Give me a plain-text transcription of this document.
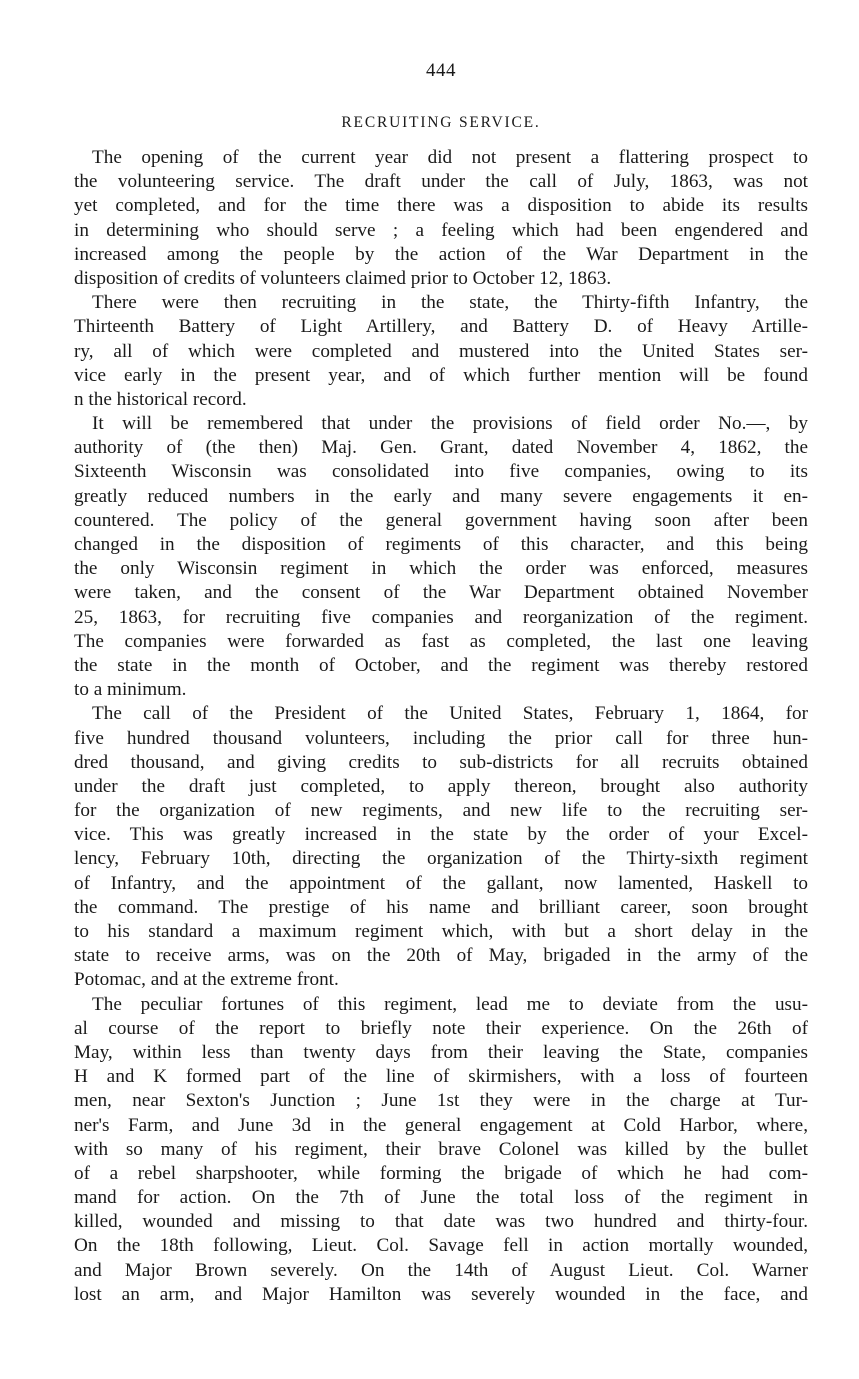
444
RECRUITING SERVICE.
The opening of the current year did not present a flattering prospect to
the volunteering service. The draft under the call of July, 1863, was not
yet completed, and for the time there was a disposition to abide its results
in determining who should serve ; a feeling which had been engendered and
increased among the people by the action of the War Department in the
disposition of credits of volunteers claimed prior to October 12, 1863.
There were then recruiting in the state, the Thirty-fifth Infantry, the
Thirteenth Battery of Light Artillery, and Battery D. of Heavy Artille-
ry, all of which were completed and mustered into the United States ser-
vice early in the present year, and of which further mention will be found
n the historical record.
It will be remembered that under the provisions of field order No.—, by
authority of (the then) Maj. Gen. Grant, dated November 4, 1862, the
Sixteenth Wisconsin was consolidated into five companies, owing to its
greatly reduced numbers in the early and many severe engagements it en-
countered. The policy of the general government having soon after been
changed in the disposition of regiments of this character, and this being
the only Wisconsin regiment in which the order was enforced, measures
were taken, and the consent of the War Department obtained November
25, 1863, for recruiting five companies and reorganization of the regiment.
The companies were forwarded as fast as completed, the last one leaving
the state in the month of October, and the regiment was thereby restored
to a minimum.
The call of the President of the United States, February 1, 1864, for
five hundred thousand volunteers, including the prior call for three hun-
dred thousand, and giving credits to sub-districts for all recruits obtained
under the draft just completed, to apply thereon, brought also authority
for the organization of new regiments, and new life to the recruiting ser-
vice. This was greatly increased in the state by the order of your Excel-
lency, February 10th, directing the organization of the Thirty-sixth regiment
of Infantry, and the appointment of the gallant, now lamented, Haskell to
the command. The prestige of his name and brilliant career, soon brought
to his standard a maximum regiment which, with but a short delay in the
state to receive arms, was on the 20th of May, brigaded in the army of the
Potomac, and at the extreme front.
The peculiar fortunes of this regiment, lead me to deviate from the usu-
al course of the report to briefly note their experience. On the 26th of
May, within less than twenty days from their leaving the State, companies
H and K formed part of the line of skirmishers, with a loss of fourteen
men, near Sexton's Junction ; June 1st they were in the charge at Tur-
ner's Farm, and June 3d in the general engagement at Cold Harbor, where,
with so many of his regiment, their brave Colonel was killed by the bullet
of a rebel sharpshooter, while forming the brigade of which he had com-
mand for action. On the 7th of June the total loss of the regiment in
killed, wounded and missing to that date was two hundred and thirty-four.
On the 18th following, Lieut. Col. Savage fell in action mortally wounded,
and Major Brown severely. On the 14th of August Lieut. Col. Warner
lost an arm, and Major Hamilton was severely wounded in the face, and
